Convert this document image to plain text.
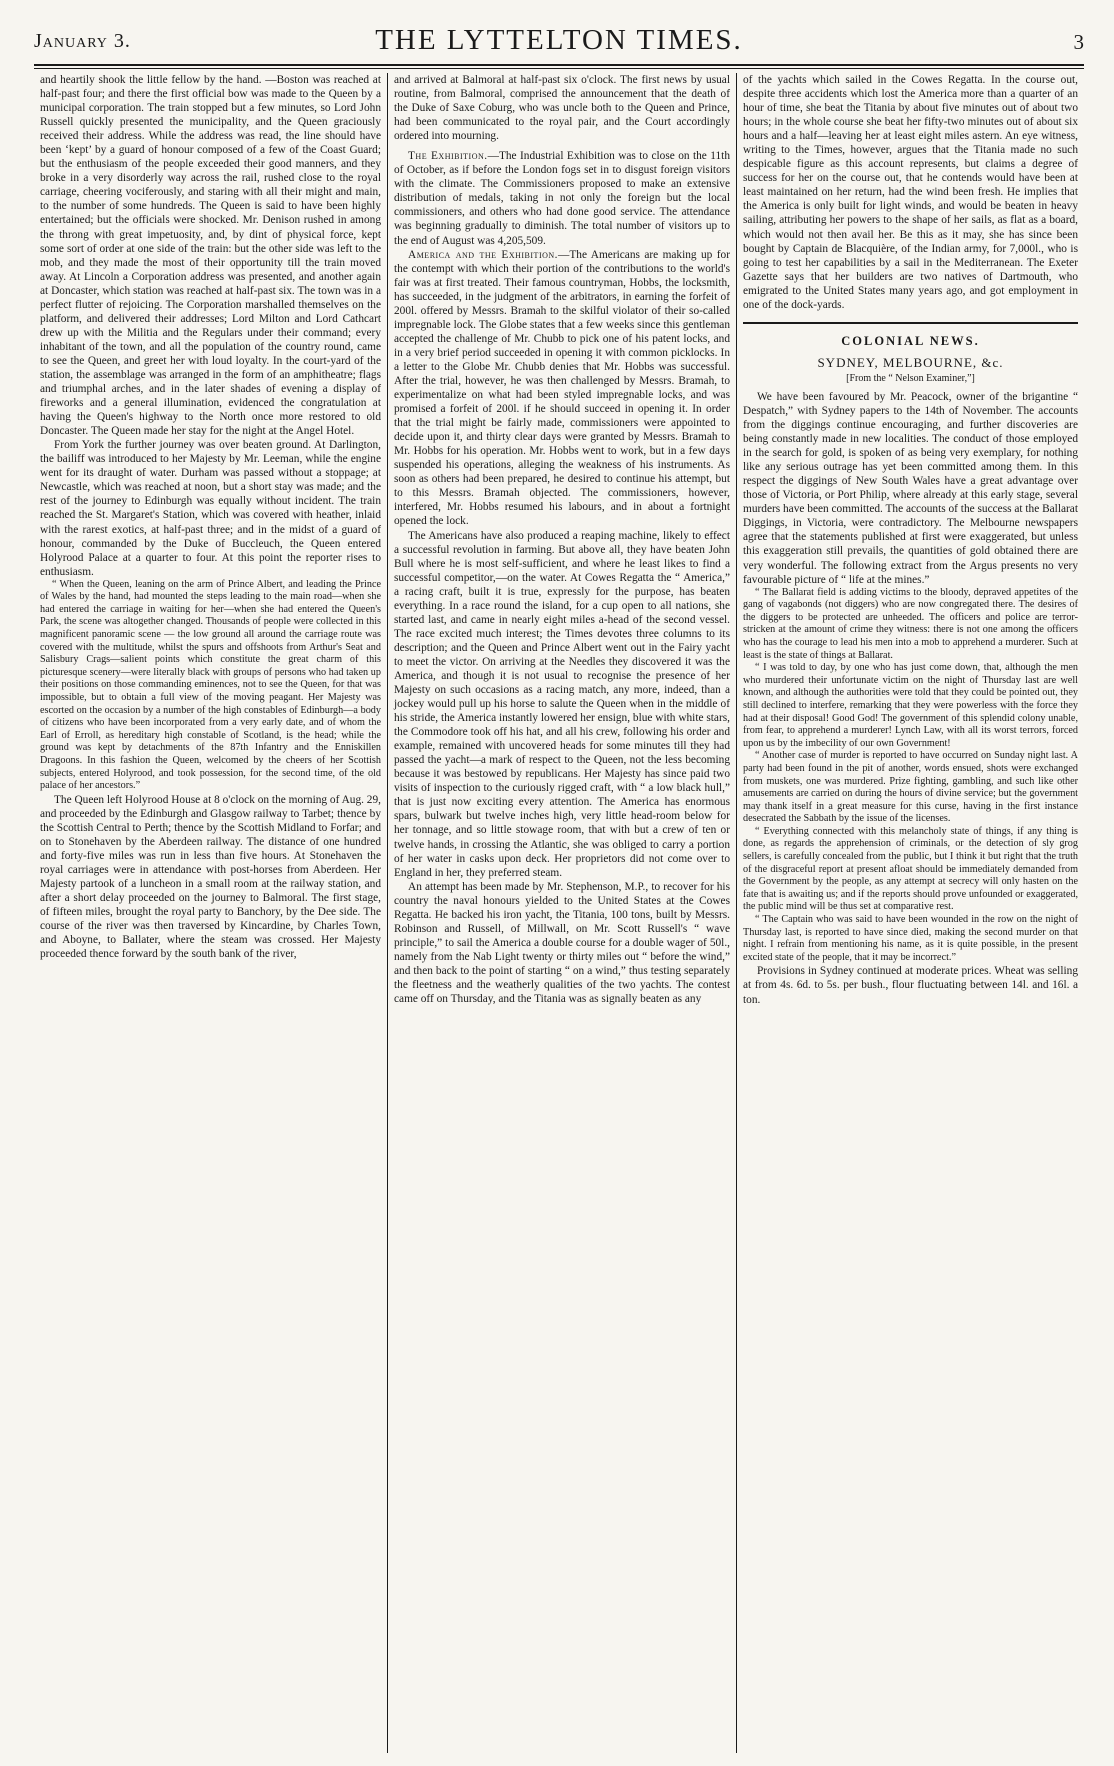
January 3.	THE LYTTELTON TIMES.	3

and heartily shook the little fellow by the hand. —Boston was reached at half-past four; and there the first official bow was made to the Queen by a municipal corporation. The train stopped but a few minutes, so Lord John Russell quickly presented the municipality, and the Queen graciously received their address. While the address was read, the line should have been ‘kept’ by a guard of honour composed of a few of the Coast Guard; but the enthusiasm of the people exceeded their good manners, and they broke in a very disorderly way across the rail, rushed close to the royal carriage, cheering vociferously, and staring with all their might and main, to the number of some hundreds. The Queen is said to have been highly entertained; but the officials were shocked. Mr. Denison rushed in among the throng with great impetuosity, and, by dint of physical force, kept some sort of order at one side of the train: but the other side was left to the mob, and they made the most of their opportunity till the train moved away. At Lincoln a Corporation address was presented, and another again at Doncaster, which station was reached at half-past six. The town was in a perfect flutter of rejoicing. The Corporation marshalled themselves on the platform, and delivered their addresses; Lord Milton and Lord Cathcart drew up with the Militia and the Regulars under their command; every inhabitant of the town, and all the population of the country round, came to see the Queen, and greet her with loud loyalty. In the court-yard of the station, the assemblage was arranged in the form of an amphitheatre; flags and triumphal arches, and in the later shades of evening a display of fireworks and a general illumination, evidenced the congratulation at having the Queen's highway to the North once more restored to old Doncaster. The Queen made her stay for the night at the Angel Hotel.

From York the further journey was over beaten ground. At Darlington, the bailiff was introduced to her Majesty by Mr. Leeman, while the engine went for its draught of water. Durham was passed without a stoppage; at Newcastle, which was reached at noon, but a short stay was made; and the rest of the journey to Edinburgh was equally without incident. The train reached the St. Margaret's Station, which was covered with heather, inlaid with the rarest exotics, at half-past three; and in the midst of a guard of honour, commanded by the Duke of Buccleuch, the Queen entered Holyrood Palace at a quarter to four. At this point the reporter rises to enthusiasm.

“ When the Queen, leaning on the arm of Prince Albert, and leading the Prince of Wales by the hand, had mounted the steps leading to the main road—when she had entered the carriage in waiting for her—when she had entered the Queen's Park, the scene was altogether changed. Thousands of people were collected in this magnificent panoramic scene — the low ground all around the carriage route was covered with the multitude, whilst the spurs and offshoots from Arthur's Seat and Salisbury Crags—salient points which constitute the great charm of this picturesque scenery—were literally black with groups of persons who had taken up their positions on those commanding eminences, not to see the Queen, for that was impossible, but to obtain a full view of the moving peagant. Her Majesty was escorted on the occasion by a number of the high constables of Edinburgh—a body of citizens who have been incorporated from a very early date, and of whom the Earl of Erroll, as hereditary high constable of Scotland, is the head; while the ground was kept by detachments of the 87th Infantry and the Enniskillen Dragoons. In this fashion the Queen, welcomed by the cheers of her Scottish subjects, entered Holyrood, and took possession, for the second time, of the old palace of her ancestors.”

The Queen left Holyrood House at 8 o'clock on the morning of Aug. 29, and proceeded by the Edinburgh and Glasgow railway to Tarbet; thence by the Scottish Central to Perth; thence by the Scottish Midland to Forfar; and on to Stonehaven by the Aberdeen railway. The distance of one hundred and forty-five miles was run in less than five hours. At Stonehaven the royal carriages were in attendance with post-horses from Aberdeen. Her Majesty partook of a luncheon in a small room at the railway station, and after a short delay proceeded on the journey to Balmoral. The first stage, of fifteen miles, brought the royal party to Banchory, by the Dee side. The course of the river was then traversed by Kincardine, by Charles Town, and Aboyne, to Ballater, where the steam was crossed. Her Majesty proceeded thence forward by the south bank of the river,

and arrived at Balmoral at half-past six o'clock. The first news by usual routine, from Balmoral, comprised the announcement that the death of the Duke of Saxe Coburg, who was uncle both to the Queen and Prince, had been communicated to the royal pair, and the Court accordingly ordered into mourning.

The Exhibition.—The Industrial Exhibition was to close on the 11th of October, as if before the London fogs set in to disgust foreign visitors with the climate. The Commissioners proposed to make an extensive distribution of medals, taking in not only the foreign but the local commissioners, and others who had done good service. The attendance was beginning gradually to diminish. The total number of visitors up to the end of August was 4,205,509.

America and the Exhibition.—The Americans are making up for the contempt with which their portion of the contributions to the world's fair was at first treated. Their famous countryman, Hobbs, the locksmith, has succeeded, in the judgment of the arbitrators, in earning the forfeit of 200l. offered by Messrs. Bramah to the skilful violator of their so-called impregnable lock. The Globe states that a few weeks since this gentleman accepted the challenge of Mr. Chubb to pick one of his patent locks, and in a very brief period succeeded in opening it with common picklocks. In a letter to the Globe Mr. Chubb denies that Mr. Hobbs was successful. After the trial, however, he was then challenged by Messrs. Bramah, to experimentalize on what had been styled impregnable locks, and was promised a forfeit of 200l. if he should succeed in opening it. In order that the trial might be fairly made, commissioners were appointed to decide upon it, and thirty clear days were granted by Messrs. Bramah to Mr. Hobbs for his operation. Mr. Hobbs went to work, but in a few days suspended his operations, alleging the weakness of his instruments. As soon as others had been prepared, he desired to continue his attempt, but to this Messrs. Bramah objected. The commissioners, however, interfered, Mr. Hobbs resumed his labours, and in about a fortnight opened the lock.

The Americans have also produced a reaping machine, likely to effect a successful revolution in farming. But above all, they have beaten John Bull where he is most self-sufficient, and where he least likes to find a successful competitor,—on the water. At Cowes Regatta the “ America,” a racing craft, built it is true, expressly for the purpose, has beaten everything. In a race round the island, for a cup open to all nations, she started last, and came in nearly eight miles a-head of the second vessel. The race excited much interest; the Times devotes three columns to its description; and the Queen and Prince Albert went out in the Fairy yacht to meet the victor. On arriving at the Needles they discovered it was the America, and though it is not usual to recognise the presence of her Majesty on such occasions as a racing match, any more, indeed, than a jockey would pull up his horse to salute the Queen when in the middle of his stride, the America instantly lowered her ensign, blue with white stars, the Commodore took off his hat, and all his crew, following his order and example, remained with uncovered heads for some minutes till they had passed the yacht—a mark of respect to the Queen, not the less becoming because it was bestowed by republicans. Her Majesty has since paid two visits of inspection to the curiously rigged craft, with “ a low black hull,” that is just now exciting every attention. The America has enormous spars, bulwark but twelve inches high, very little head-room below for her tonnage, and so little stowage room, that with but a crew of ten or twelve hands, in crossing the Atlantic, she was obliged to carry a portion of her water in casks upon deck. Her proprietors did not come over to England in her, they preferred steam.

An attempt has been made by Mr. Stephenson, M.P., to recover for his country the naval honours yielded to the United States at the Cowes Regatta. He backed his iron yacht, the Titania, 100 tons, built by Messrs. Robinson and Russell, of Millwall, on Mr. Scott Russell's “ wave principle,” to sail the America a double course for a double wager of 50l., namely from the Nab Light twenty or thirty miles out “ before the wind,” and then back to the point of starting “ on a wind,” thus testing separately the fleetness and the weatherly qualities of the two yachts. The contest came off on Thursday, and the Titania was as signally beaten as any

of the yachts which sailed in the Cowes Regatta. In the course out, despite three accidents which lost the America more than a quarter of an hour of time, she beat the Titania by about five minutes out of about two hours; in the whole course she beat her fifty-two minutes out of about six hours and a half—leaving her at least eight miles astern. An eye witness, writing to the Times, however, argues that the Titania made no such despicable figure as this account represents, but claims a degree of success for her on the course out, that he contends would have been at least maintained on her return, had the wind been fresh. He implies that the America is only built for light winds, and would be beaten in heavy sailing, attributing her powers to the shape of her sails, as flat as a board, which would not then avail her. Be this as it may, she has since been bought by Captain de Blacquière, of the Indian army, for 7,000l., who is going to test her capabilities by a sail in the Mediterranean. The Exeter Gazette says that her builders are two natives of Dartmouth, who emigrated to the United States many years ago, and got employment in one of the dock-yards.

COLONIAL NEWS.
SYDNEY, MELBOURNE, &c.
[From the “ Nelson Examiner,”]

We have been favoured by Mr. Peacock, owner of the brigantine “ Despatch,” with Sydney papers to the 14th of November. The accounts from the diggings continue encouraging, and further discoveries are being constantly made in new localities. The conduct of those employed in the search for gold, is spoken of as being very exemplary, for nothing like any serious outrage has yet been committed among them. In this respect the diggings of New South Wales have a great advantage over those of Victoria, or Port Philip, where already at this early stage, several murders have been committed. The accounts of the success at the Ballarat Diggings, in Victoria, were contradictory. The Melbourne newspapers agree that the statements published at first were exaggerated, but unless this exaggeration still prevails, the quantities of gold obtained there are very wonderful. The following extract from the Argus presents no very favourable picture of “ life at the mines.”

“ The Ballarat field is adding victims to the bloody, depraved appetites of the gang of vagabonds (not diggers) who are now congregated there. The desires of the diggers to be protected are unheeded. The officers and police are terror-stricken at the amount of crime they witness: there is not one among the officers who has the courage to lead his men into a mob to apprehend a murderer. Such at least is the state of things at Ballarat.

“ I was told to day, by one who has just come down, that, although the men who murdered their unfortunate victim on the night of Thursday last are well known, and although the authorities were told that they could be pointed out, they still declined to interfere, remarking that they were powerless with the force they had at their disposal! Good God! The government of this splendid colony unable, from fear, to apprehend a murderer! Lynch Law, with all its worst terrors, forced upon us by the imbecility of our own Government!

“ Another case of murder is reported to have occurred on Sunday night last. A party had been found in the pit of another, words ensued, shots were exchanged from muskets, one was murdered. Prize fighting, gambling, and such like other amusements are carried on during the hours of divine service; but the government may thank itself in a great measure for this curse, having in the first instance desecrated the Sabbath by the issue of the licenses.

“ Everything connected with this melancholy state of things, if any thing is done, as regards the apprehension of criminals, or the detection of sly grog sellers, is carefully concealed from the public, but I think it but right that the truth of the disgraceful report at present afloat should be immediately demanded from the Government by the people, as any attempt at secrecy will only hasten on the fate that is awaiting us; and if the reports should prove unfounded or exaggerated, the public mind will be thus set at comparative rest.

“ The Captain who was said to have been wounded in the row on the night of Thursday last, is reported to have since died, making the second murder on that night. I refrain from mentioning his name, as it is quite possible, in the present excited state of the people, that it may be incorrect.”

Provisions in Sydney continued at moderate prices. Wheat was selling at from 4s. 6d. to 5s. per bush., flour fluctuating between 14l. and 16l. a ton.
